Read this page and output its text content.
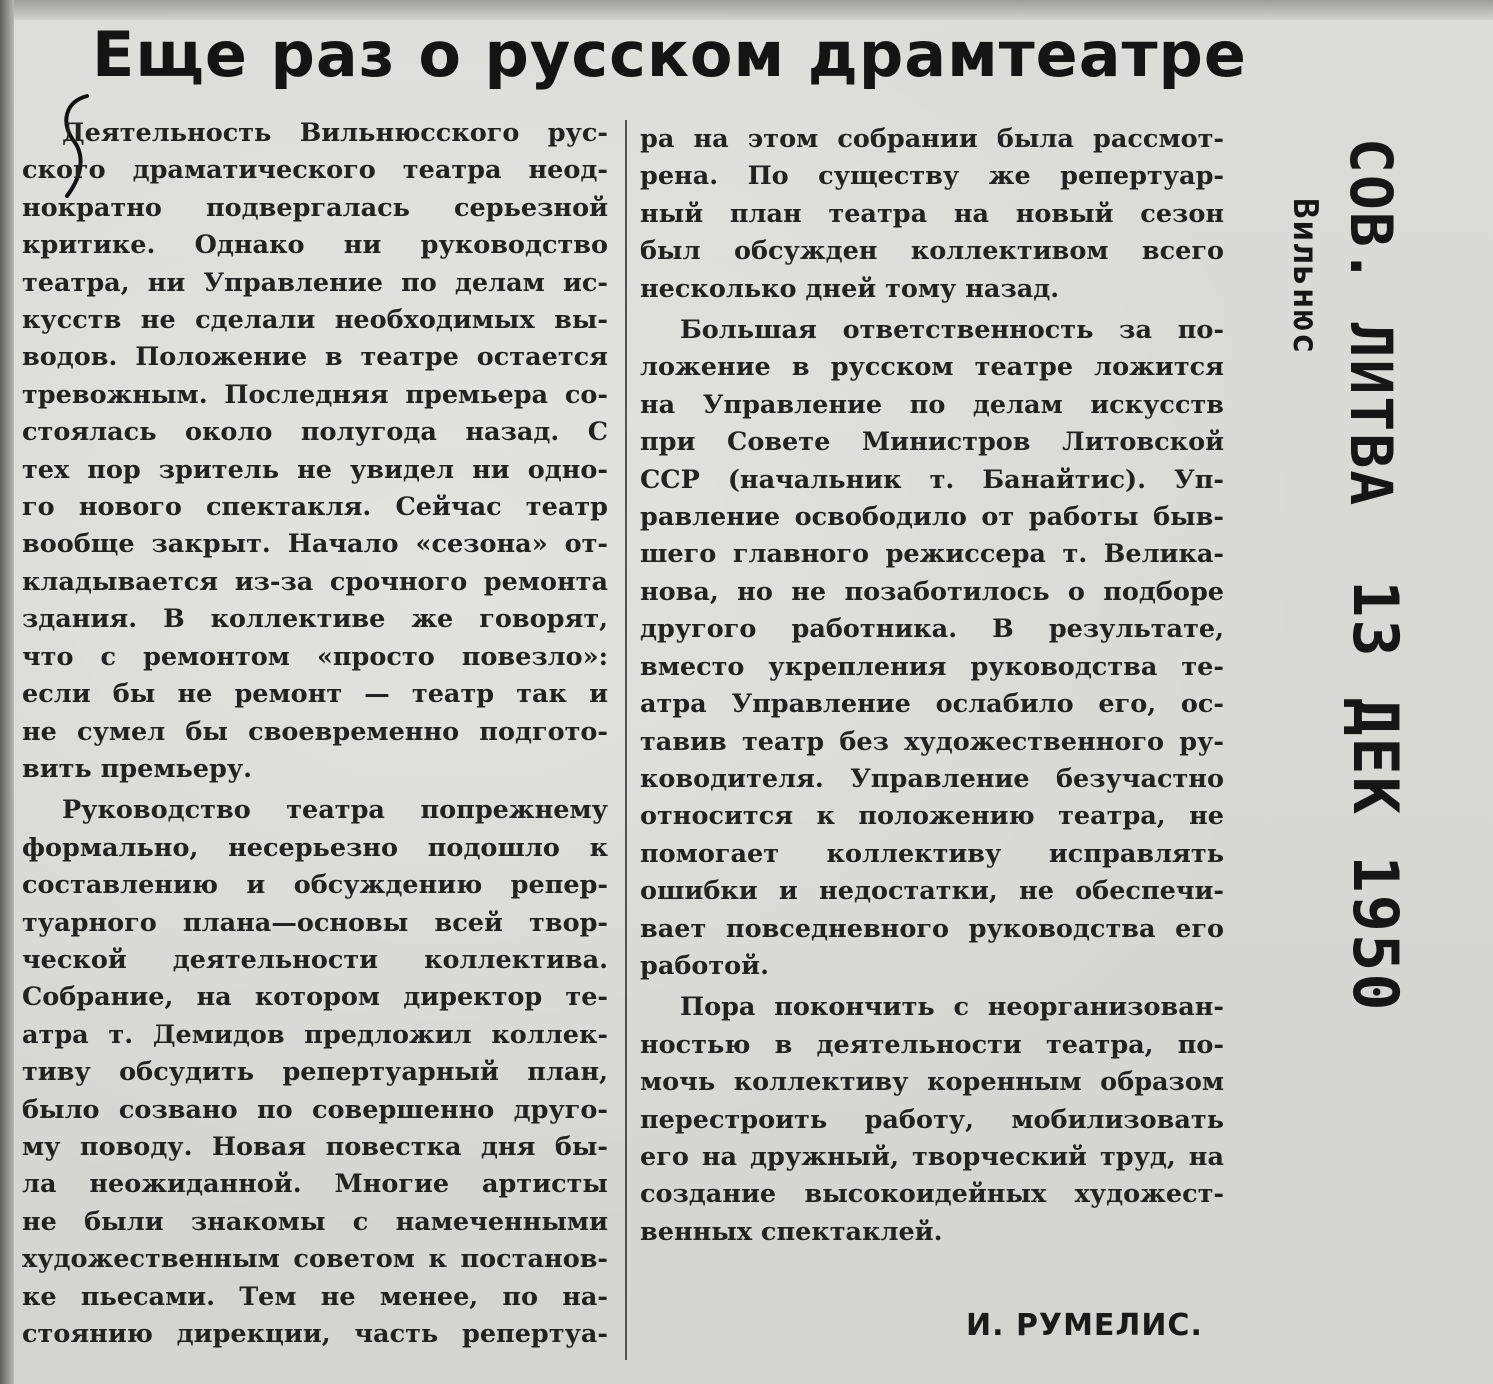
Еще раз о русском драмтеатре

Деятельность Вильнюсского рус-

ского драматического театра неод-

нократно подвергалась серьезной

критике. Однако ни руководство

театра, ни Управление по делам ис-

кусств не сделали необходимых вы-

водов. Положение в театре остается

тревожным. Последняя премьера со-

стоялась около полугода назад. С

тех пор зритель не увидел ни одно-

го нового спектакля. Сейчас театр

вообще закрыт. Начало «сезона» от-

кладывается из-за срочного ремонта

здания. В коллективе же говорят,

что с ремонтом «просто повезло»:

если бы не ремонт — театр так и

не сумел бы своевременно подгото-

вить премьеру.

Руководство театра попрежнему

формально, несерьезно подошло к

составлению и обсуждению репер-

туарного плана—основы всей твор-

ческой деятельности коллектива.

Собрание, на котором директор те-

атра т. Демидов предложил коллек-

тиву обсудить репертуарный план,

было созвано по совершенно друго-

му поводу. Новая повестка дня бы-

ла неожиданной. Многие артисты

не были знакомы с намеченными

художественным советом к постанов-

ке пьесами. Тем не менее, по на-

стоянию дирекции, часть репертуа-

ра на этом собрании была рассмот-

рена. По существу же репертуар-

ный план театра на новый сезон

был обсужден коллективом всего

несколько дней тому назад.

Большая ответственность за по-

ложение в русском театре ложится

на Управление по делам искусств

при Совете Министров Литовской

ССР (начальник т. Банайтис). Уп-

равление освободило от работы быв-

шего главного режиссера т. Велика-

нова, но не позаботилось о подборе

другого работника. В результате,

вместо укрепления руководства те-

атра Управление ослабило его, ос-

тавив театр без художественного ру-

ководителя. Управление безучастно

относится к положению театра, не

помогает коллективу исправлять

ошибки и недостатки, не обеспечи-

вает повседневного руководства его

работой.

Пора покончить с неорганизован-

ностью в деятельности театра, по-

мочь коллективу коренным образом

перестроить работу, мобилизовать

его на дружный, творческий труд, на

создание высокоидейных художест-

венных спектаклей.

И. РУМЕЛИС.
СОВ. ЛИТВА
Вильнюс
13 ДЕК 1950
